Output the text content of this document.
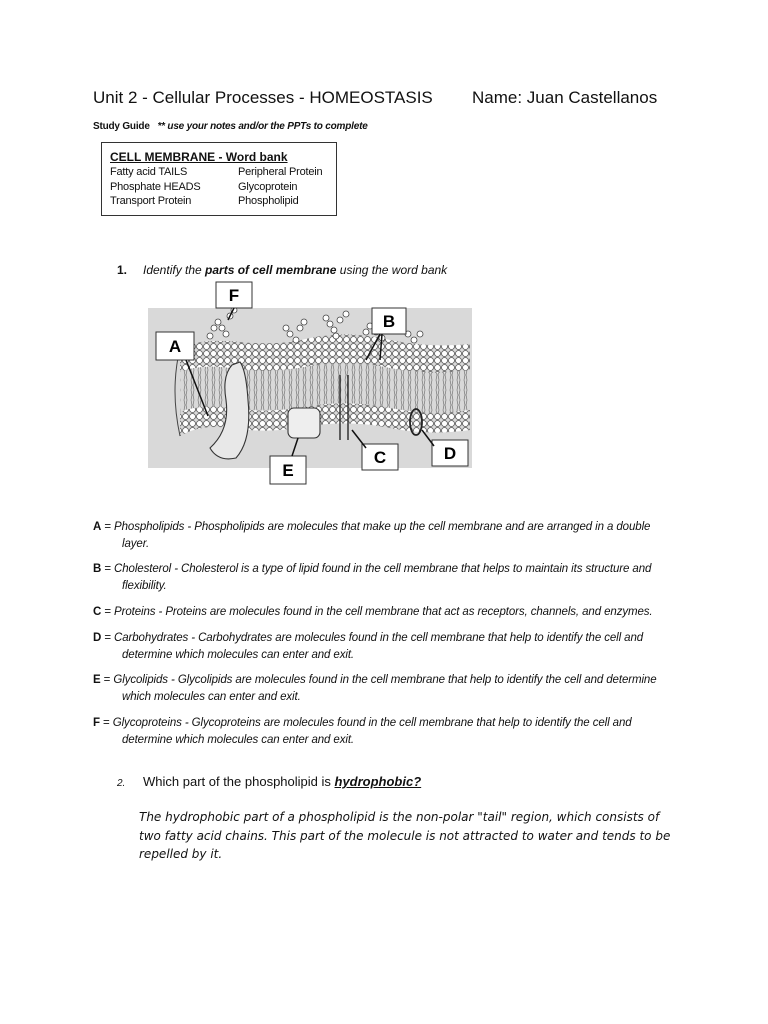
Unit 2 - Cellular Processes - HOMEOSTASIS Name: Juan Castellanos
Study Guide ** use your notes and/or the PPTs to complete
CELL MEMBRANE - Word bank
Fatty acid TAILS
Phosphate HEADS
Transport Protein
Peripheral Protein
Glycoprotein
Phospholipid
1. Identify the parts of cell membrane using the word bank
F
B
A
D
C
E
A = Phospholipids - Phospholipids are molecules that make up the cell membrane and are arranged in a double
layer.
B = Cholesterol - Cholesterol is a type of lipid found in the cell membrane that helps to maintain its structure and
flexibility.
C = Proteins - Proteins are molecules found in the cell membrane that act as receptors, channels, and enzymes.
D = Carbohydrates - Carbohydrates are molecules found in the cell membrane that help to identify the cell and
determine which molecules can enter and exit.
E = Glycolipids - Glycolipids are molecules found in the cell membrane that help to identify the cell and determine
which molecules can enter and exit.
F = Glycoproteins - Glycoproteins are molecules found in the cell membrane that help to identify the cell and
determine which molecules can enter and exit.
2. Which part of the phospholipid is hydrophobic?
The hydrophobic part of a phospholipid is the non-polar "tail" region, which consists of two fatty acid chains. This part of the molecule is not attracted to water and tends to be repelled by it.
